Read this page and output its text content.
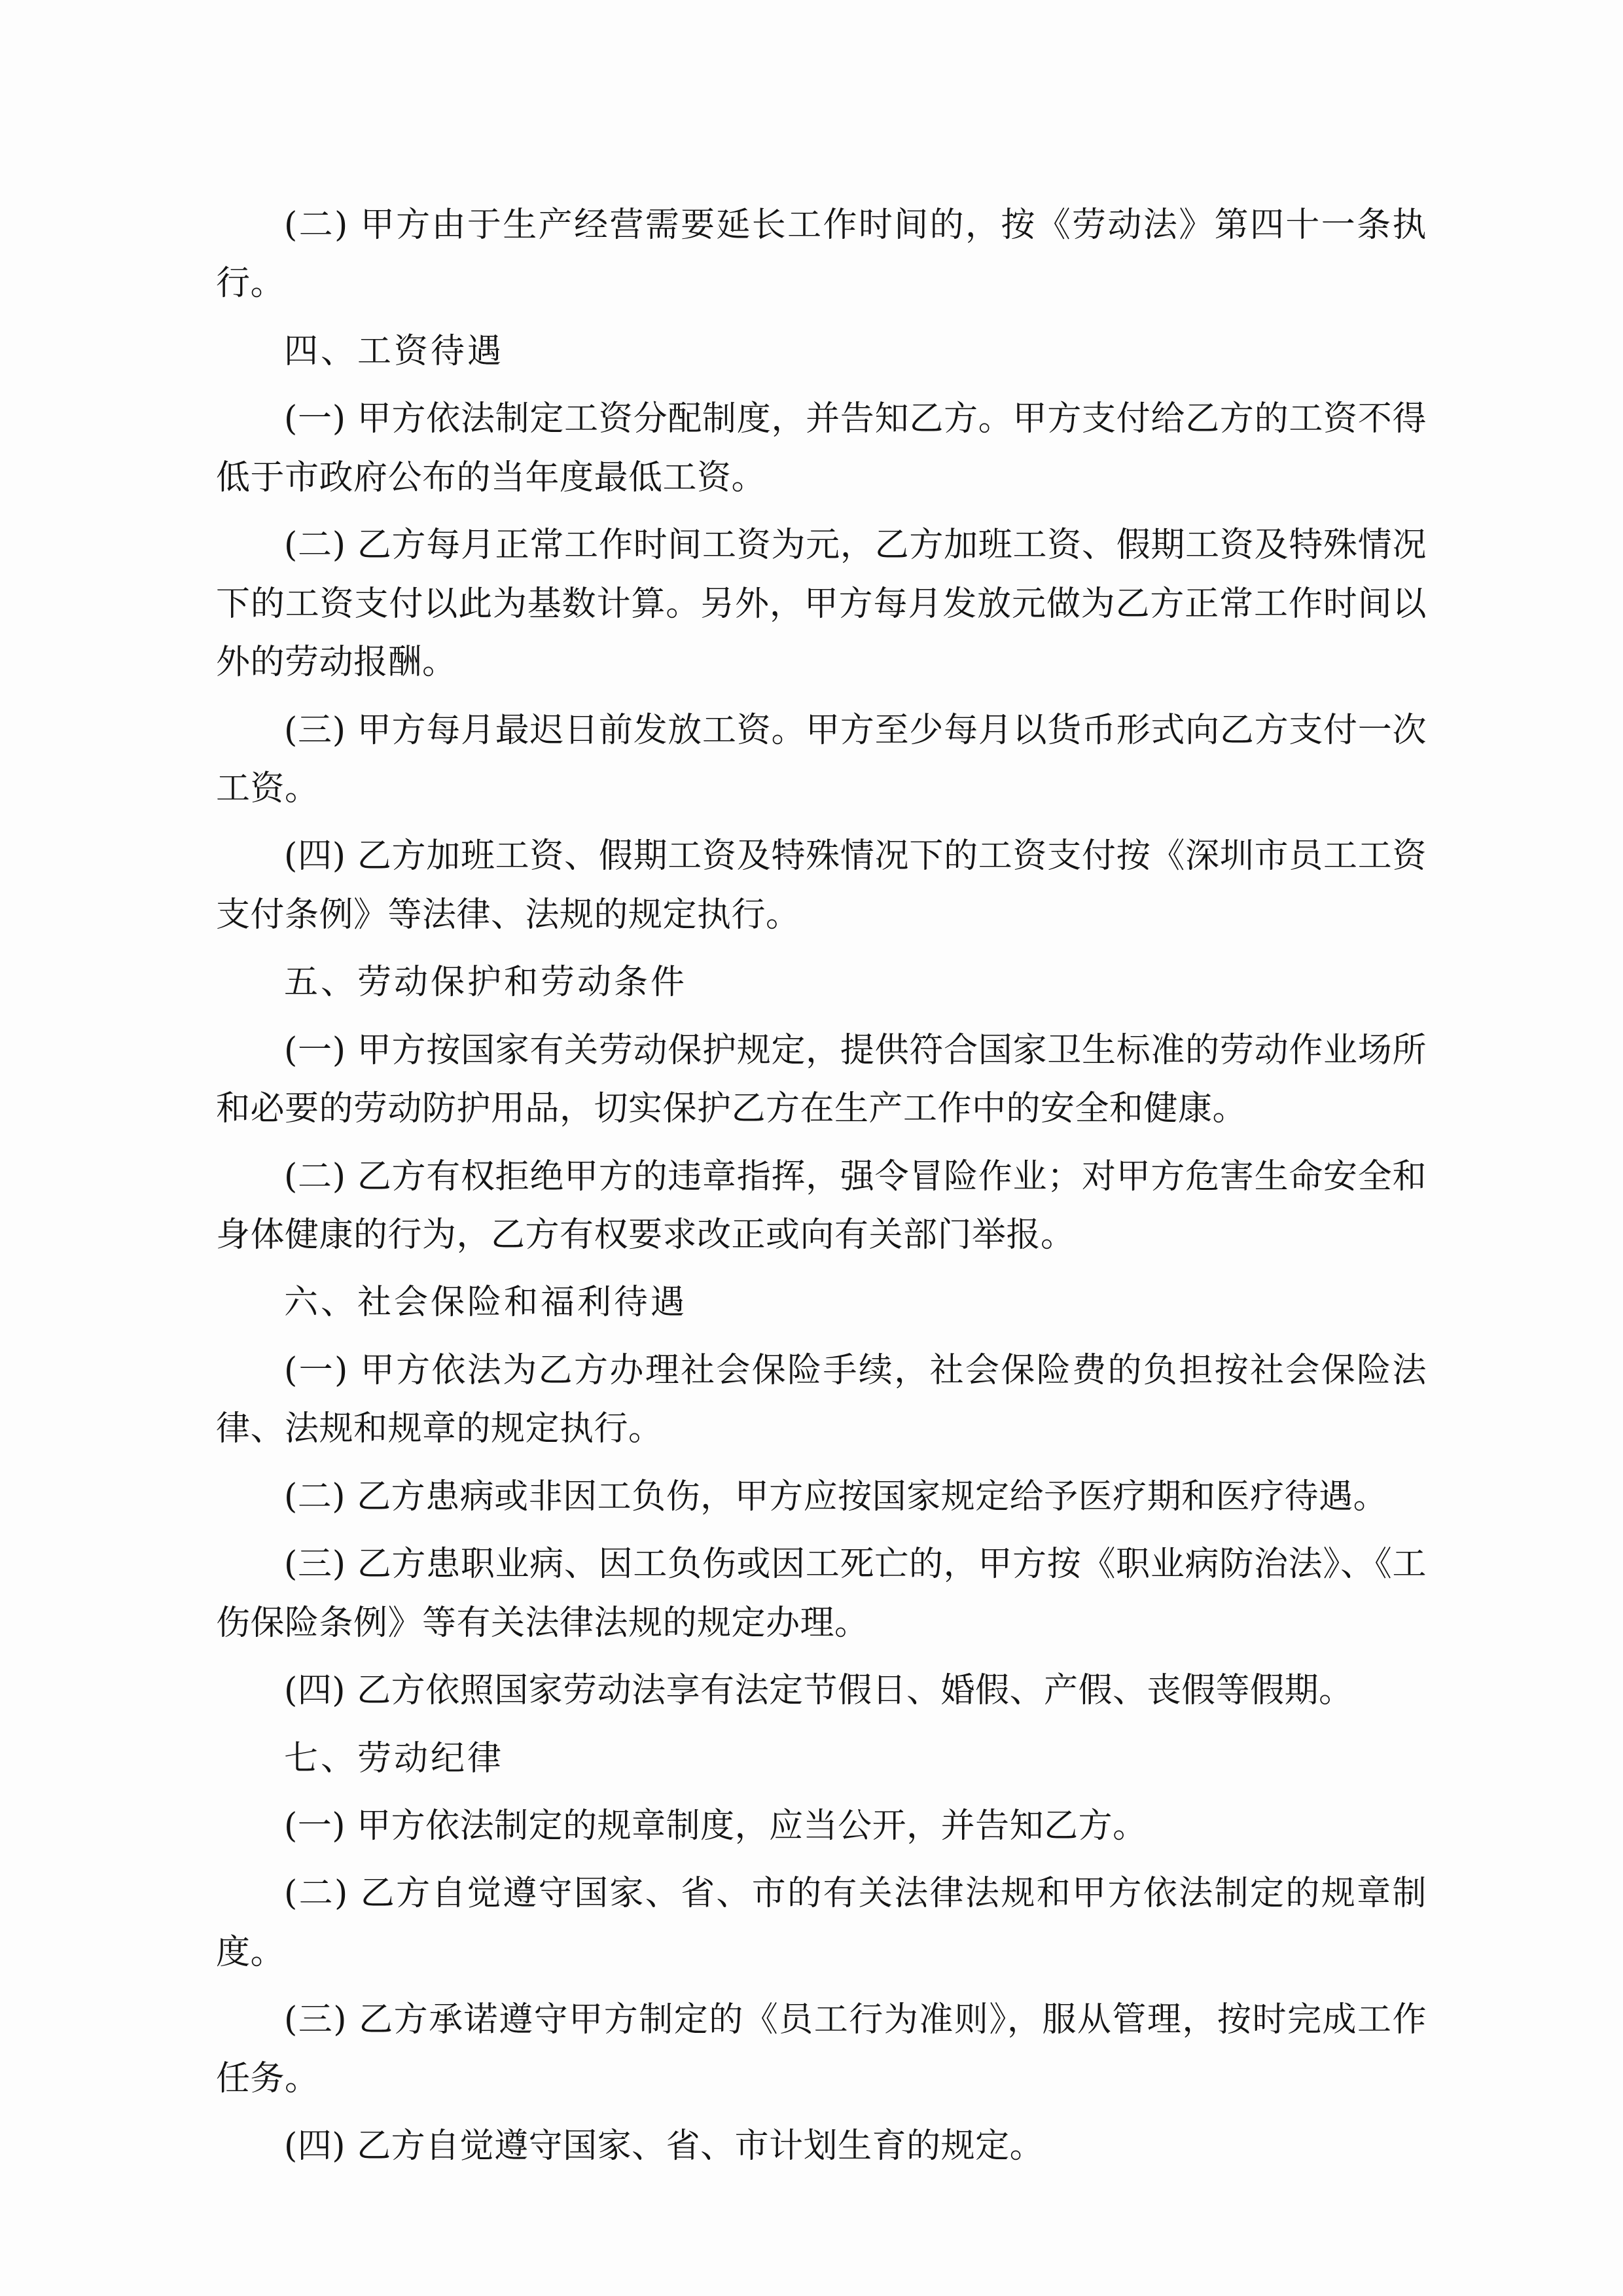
(二) 甲方由于生产经营需要延长工作时间的，按《劳动法》第四十一条执行。

四、工资待遇

(一) 甲方依法制定工资分配制度，并告知乙方。甲方支付给乙方的工资不得低于市政府公布的当年度最低工资。

(二) 乙方每月正常工作时间工资为元，乙方加班工资、假期工资及特殊情况下的工资支付以此为基数计算。另外，甲方每月发放元做为乙方正常工作时间以外的劳动报酬。

(三) 甲方每月最迟日前发放工资。甲方至少每月以货币形式向乙方支付一次工资。

(四) 乙方加班工资、假期工资及特殊情况下的工资支付按《深圳市员工工资支付条例》等法律、法规的规定执行。

五、劳动保护和劳动条件

(一) 甲方按国家有关劳动保护规定，提供符合国家卫生标准的劳动作业场所和必要的劳动防护用品，切实保护乙方在生产工作中的安全和健康。

(二) 乙方有权拒绝甲方的违章指挥，强令冒险作业；对甲方危害生命安全和身体健康的行为，乙方有权要求改正或向有关部门举报。

六、社会保险和福利待遇

(一) 甲方依法为乙方办理社会保险手续，社会保险费的负担按社会保险法律、法规和规章的规定执行。

(二) 乙方患病或非因工负伤，甲方应按国家规定给予医疗期和医疗待遇。

(三) 乙方患职业病、因工负伤或因工死亡的，甲方按《职业病防治法》、《工伤保险条例》等有关法律法规的规定办理。

(四) 乙方依照国家劳动法享有法定节假日、婚假、产假、丧假等假期。

七、劳动纪律

(一) 甲方依法制定的规章制度，应当公开，并告知乙方。

(二) 乙方自觉遵守国家、省、市的有关法律法规和甲方依法制定的规章制度。

(三) 乙方承诺遵守甲方制定的《员工行为准则》，服从管理，按时完成工作任务。

(四) 乙方自觉遵守国家、省、市计划生育的规定。
